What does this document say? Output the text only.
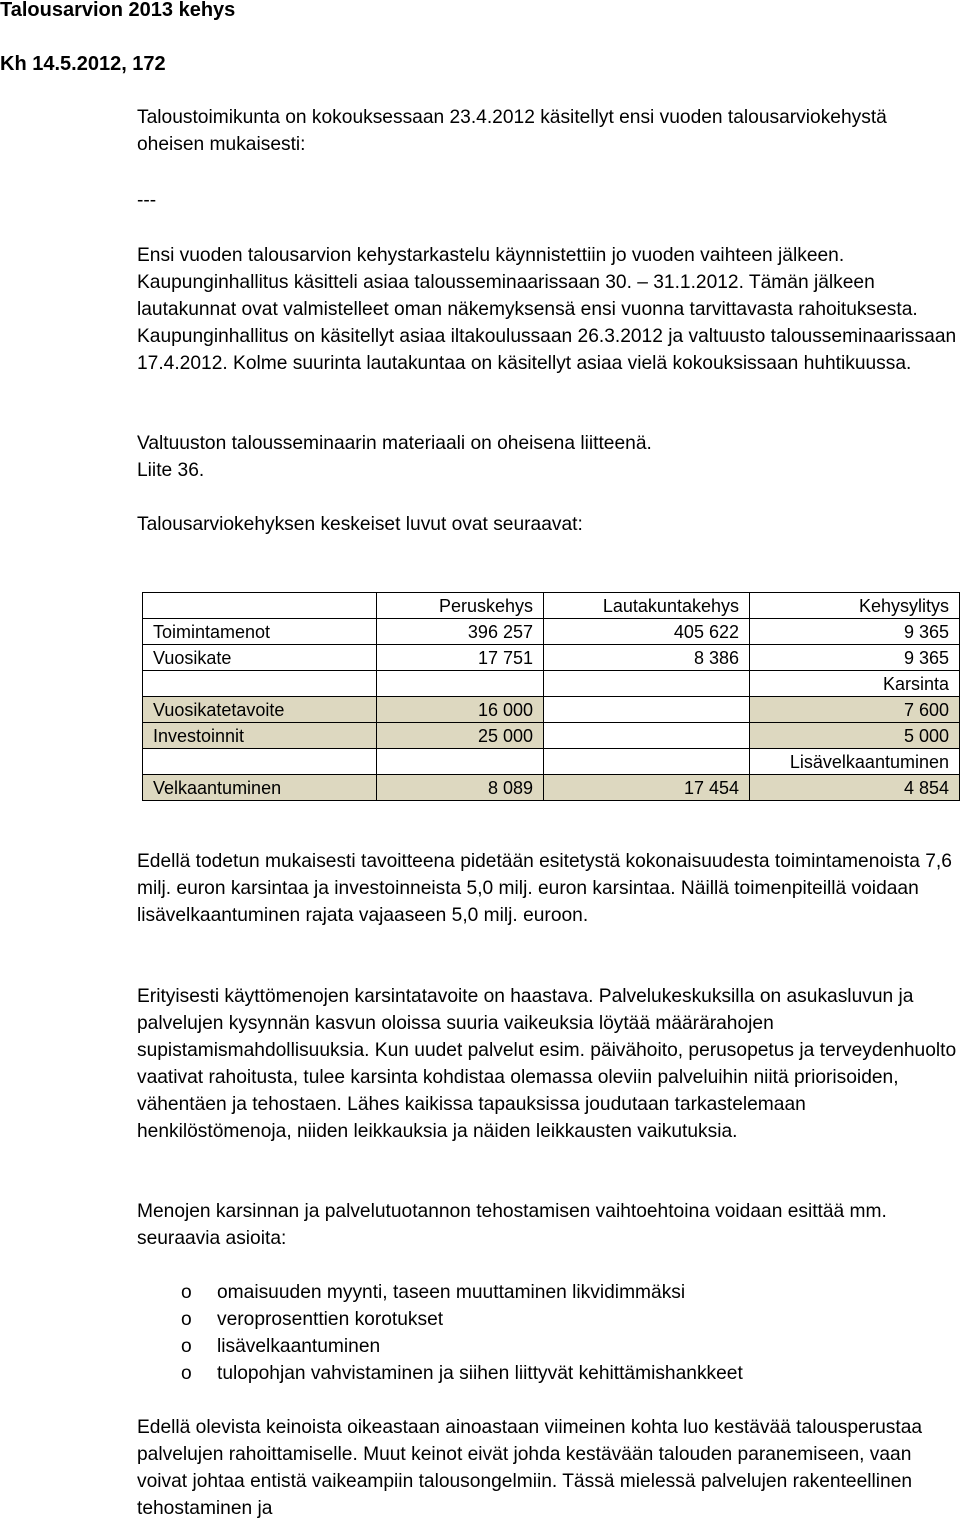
Talousarvion 2013 kehys
Kh 14.5.2012, 172

Taloustoimikunta on kokouksessaan 23.4.2012 käsitellyt ensi vuoden talousarviokehystä oheisen mukaisesti:

---

Ensi vuoden talousarvion kehystarkastelu käynnistettiin jo vuoden vaihteen jälkeen. Kaupunginhallitus käsitteli asiaa talousseminaarissaan 30. – 31.1.2012. Tämän jälkeen lautakunnat ovat valmistelleet oman näkemyksensä ensi vuonna tarvittavasta rahoituksesta. Kaupunginhallitus on käsitellyt asiaa iltakoulussaan 26.3.2012 ja valtuusto talousseminaarissaan 17.4.2012. Kolme suurinta lautakuntaa on käsitellyt asiaa vielä kokouksissaan huhtikuussa.

Valtuuston talousseminaarin materiaali on oheisena liitteenä.

Liite 36.

Talousarviokehyksen keskeiset luvut ovat seuraavat:

	Peruskehys	Lautakuntakehys	Kehysylitys
Toimintamenot	396 257	405 622	9 365
Vuosikate	17 751	8 386	9 365
			Karsinta
Vuosikatetavoite	16 000		7 600
Investoinnit	25 000		5 000
			Lisävelkaantuminen
Velkaantuminen	8 089	17 454	4 854

Edellä todetun mukaisesti tavoitteena pidetään esitetystä kokonaisuudesta toimintamenoista 7,6 milj. euron karsintaa ja investoinneista 5,0 milj. euron karsintaa. Näillä toimenpiteillä voidaan lisävelkaantuminen rajata vajaaseen 5,0 milj. euroon.

Erityisesti käyttömenojen karsintatavoite on haastava. Palvelukeskuksilla on asukasluvun ja palvelujen kysynnän kasvun oloissa suuria vaikeuksia löytää määrärahojen supistamismahdollisuuksia. Kun uudet palvelut esim. päivähoito, perusopetus ja terveydenhuolto vaativat rahoitusta, tulee karsinta kohdistaa olemassa oleviin palveluihin niitä priorisoiden, vähentäen ja tehostaen. Lähes kaikissa tapauksissa joudutaan tarkastelemaan henkilöstömenoja, niiden leikkauksia ja näiden leikkausten vaikutuksia.

Menojen karsinnan ja palvelutuotannon tehostamisen vaihtoehtoina voidaan esittää mm. seuraavia asioita:

o omaisuuden myynti, taseen muuttaminen likvidimmäksi
o veroprosenttien korotukset
o lisävelkaantuminen
o tulopohjan vahvistaminen ja siihen liittyvät kehittämishankkeet

Edellä olevista keinoista oikeastaan ainoastaan viimeinen kohta luo kestävää talousperustaa palvelujen rahoittamiselle. Muut keinot eivät johda kestävään talouden paranemiseen, vaan voivat johtaa entistä vaikeampiin talousongelmiin. Tässä mielessä palvelujen rakenteellinen tehostaminen ja
